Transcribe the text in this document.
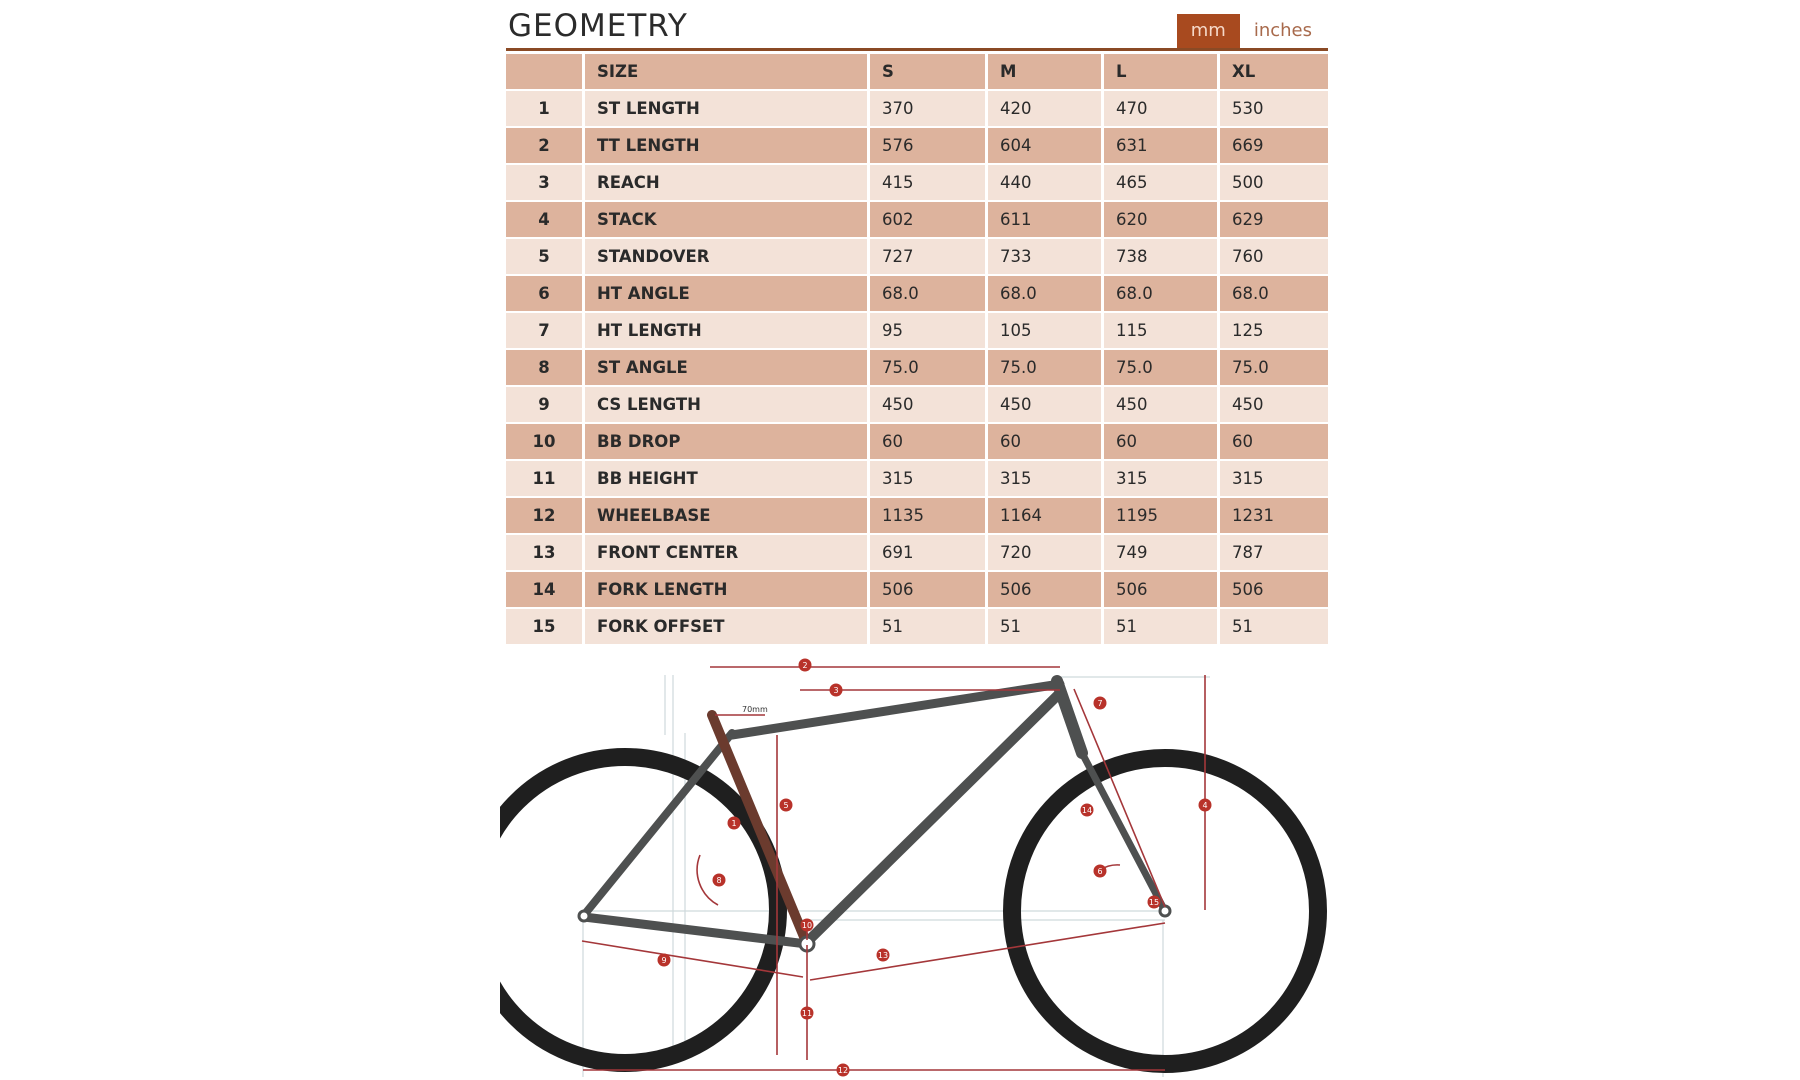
GEOMETRY	mm	inches
	SIZE	S	M	L	XL
1	ST LENGTH	370	420	470	530
2	TT LENGTH	576	604	631	669
3	REACH	415	440	465	500
4	STACK	602	611	620	629
5	STANDOVER	727	733	738	760
6	HT ANGLE	68.0	68.0	68.0	68.0
7	HT LENGTH	95	105	115	125
8	ST ANGLE	75.0	75.0	75.0	75.0
9	CS LENGTH	450	450	450	450
10	BB DROP	60	60	60	60
11	BB HEIGHT	315	315	315	315
12	WHEELBASE	1135	1164	1195	1231
13	FRONT CENTER	691	720	749	787
14	FORK LENGTH	506	506	506	506
15	FORK OFFSET	51	51	51	51
70mm
1
2
3
4
5
6
7
8
9
10
11
12
13
14
15
